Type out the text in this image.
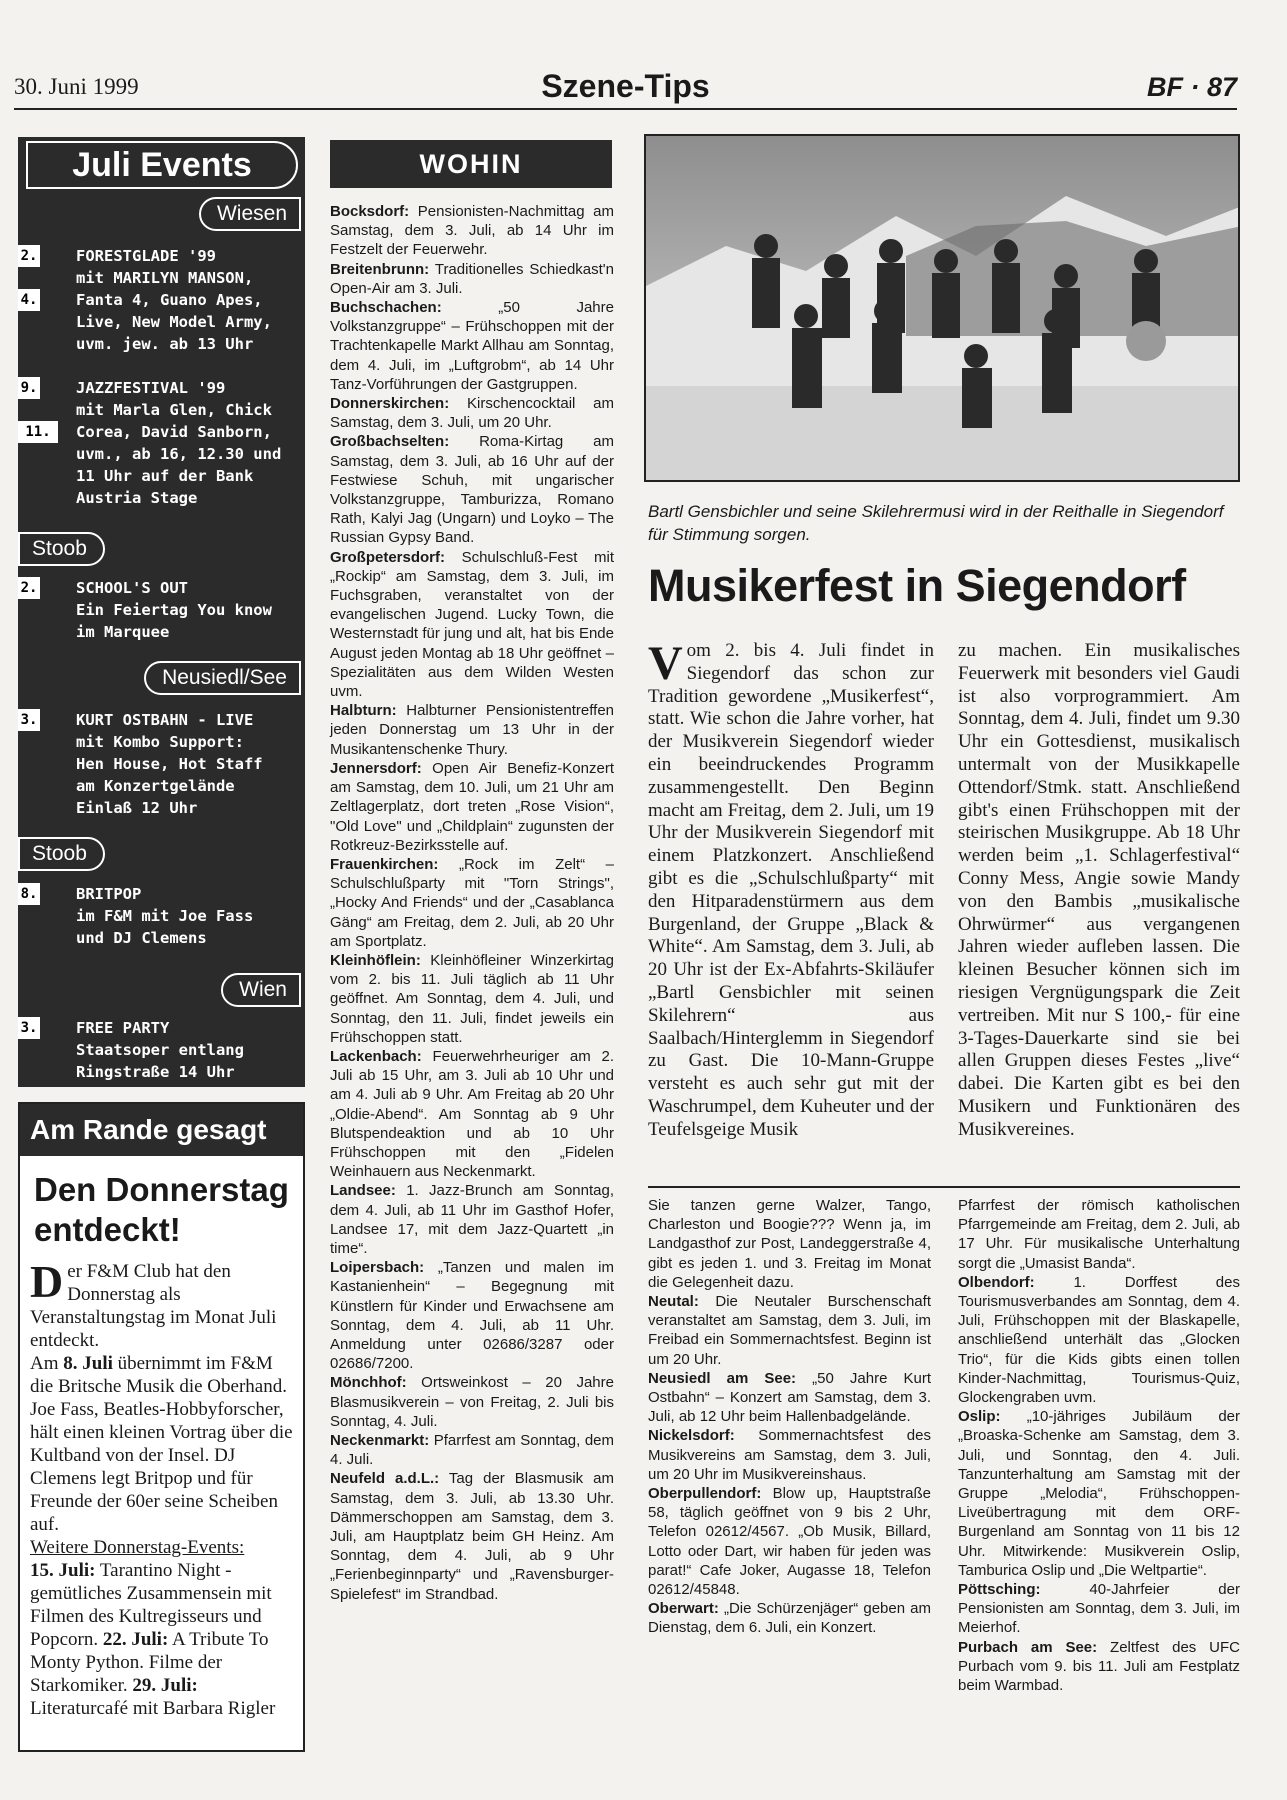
30. Juni 1999	Szene-Tips	BF · 87
Juli Events
Wiesen
2.
4.
FORESTGLADE '99
mit MARILYN MANSON,
Fanta 4, Guano Apes,
Live, New Model Army,
uvm. jew. ab 13 Uhr
9.
11.
JAZZFESTIVAL '99
mit Marla Glen, Chick
Corea, David Sanborn,
uvm., ab 16, 12.30 und
11 Uhr auf der Bank
Austria Stage
Stoob
2. SCHOOL'S OUT
Ein Feiertag You know
im Marquee
Neusiedl/See
3. KURT OSTBAHN - LIVE
mit Kombo Support:
Hen House, Hot Staff
am Konzertgelände
Einlaß 12 Uhr
Stoob
8. BRITPOP
im F&M mit Joe Fass
und DJ Clemens
Wien
3. FREE PARTY
Staatsoper entlang
Ringstraße 14 Uhr
Am Rande gesagt
Den Donnerstag entdeckt!
Der F&M Club hat den Donnerstag als Veranstaltungstag im Monat Juli entdeckt.
Am 8. Juli übernimmt im F&M die Britsche Musik die Oberhand. Joe Fass, Beatles-Hobbyforscher, hält einen kleinen Vortrag über die Kultband von der Insel. DJ Clemens legt Britpop und für Freunde der 60er seine Scheiben auf.
Weitere Donnerstag-Events:
15. Juli: Tarantino Night - gemütliches Zusammensein mit Filmen des Kultregisseurs und Popcorn. 22. Juli: A Tribute To Monty Python. Filme der Starkomiker. 29. Juli: Literaturcafé mit Barbara Rigler
WOHIN
Bocksdorf: Pensionisten-Nachmittag am Samstag, dem 3. Juli, ab 14 Uhr im Festzelt der Feuerwehr.
Breitenbrunn: Traditionelles Schiedkast'n Open-Air am 3. Juli.
Buchschachen: „50 Jahre Volkstanzgruppe“ – Frühschoppen mit der Trachtenkapelle Markt Allhau am Sonntag, dem 4. Juli, im „Luftgrobm“, ab 14 Uhr Tanz-Vorführungen der Gastgruppen.
Donnerskirchen: Kirschencocktail am Samstag, dem 3. Juli, um 20 Uhr.
Großbachselten: Roma-Kirtag am Samstag, dem 3. Juli, ab 16 Uhr auf der Festwiese Schuh, mit ungarischer Volkstanzgruppe, Tamburizza, Romano Rath, Kalyi Jag (Ungarn) und Loyko – The Russian Gypsy Band.
Großpetersdorf: Schulschluß-Fest mit „Rockip“ am Samstag, dem 3. Juli, im Fuchsgraben, veranstaltet von der evangelischen Jugend. Lucky Town, die Westernstadt für jung und alt, hat bis Ende August jeden Montag ab 18 Uhr geöffnet – Spezialitäten aus dem Wilden Westen uvm.
Halbturn: Halbturner Pensionistentreffen jeden Donnerstag um 13 Uhr in der Musikantenschenke Thury.
Jennersdorf: Open Air Benefiz-Konzert am Samstag, dem 10. Juli, um 21 Uhr am Zeltlagerplatz, dort treten „Rose Vision“, "Old Love" und „Childplain“ zugunsten der Rotkreuz-Bezirksstelle auf.
Frauenkirchen: „Rock im Zelt“ – Schulschlußparty mit "Torn Strings", „Hocky And Friends“ und der „Casablanca Gäng“ am Freitag, dem 2. Juli, ab 20 Uhr am Sportplatz.
Kleinhöflein: Kleinhöfleiner Winzerkirtag vom 2. bis 11. Juli täglich ab 11 Uhr geöffnet. Am Sonntag, dem 4. Juli, und Sonntag, den 11. Juli, findet jeweils ein Frühschoppen statt.
Lackenbach: Feuerwehrheuriger am 2. Juli ab 15 Uhr, am 3. Juli ab 10 Uhr und am 4. Juli ab 9 Uhr. Am Freitag ab 20 Uhr „Oldie-Abend“. Am Sonntag ab 9 Uhr Blutspendeaktion und ab 10 Uhr Frühschoppen mit den „Fidelen Weinhauern aus Neckenmarkt.
Landsee: 1. Jazz-Brunch am Sonntag, dem 4. Juli, ab 11 Uhr im Gasthof Hofer, Landsee 17, mit dem Jazz-Quartett „in time“.
Loipersbach: „Tanzen und malen im Kastanienhein“ – Begegnung mit Künstlern für Kinder und Erwachsene am Sonntag, dem 4. Juli, ab 11 Uhr. Anmeldung unter 02686/3287 oder 02686/7200.
Mönchhof: Ortsweinkost – 20 Jahre Blasmusikverein – von Freitag, 2. Juli bis Sonntag, 4. Juli.
Neckenmarkt: Pfarrfest am Sonntag, dem 4. Juli.
Neufeld a.d.L.: Tag der Blasmusik am Samstag, dem 3. Juli, ab 13.30 Uhr. Dämmerschoppen am Samstag, dem 3. Juli, am Hauptplatz beim GH Heinz. Am Sonntag, dem 4. Juli, ab 9 Uhr „Ferienbeginnparty“ und „Ravensburger-Spielefest“ im Strandbad.
Bartl Gensbichler und seine Skilehrermusi wird in der Reithalle in Siegendorf für Stimmung sorgen.
Musikerfest in Siegendorf
Vom 2. bis 4. Juli findet in Siegendorf das schon zur Tradition gewordene „Musikerfest“, statt. Wie schon die Jahre vorher, hat der Musikverein Siegendorf wieder ein beeindruckendes Programm zusammengestellt. Den Beginn macht am Freitag, dem 2. Juli, um 19 Uhr der Musikverein Siegendorf mit einem Platzkonzert. Anschließend gibt es die „Schulschlußparty“ mit den Hitparadenstürmern aus dem Burgenland, der Gruppe „Black & White“. Am Samstag, dem 3. Juli, ab 20 Uhr ist der Ex-Abfahrts-Skiläufer „Bartl Gensbichler mit seinen Skilehrern“ aus Saalbach/Hinterglemm in Siegendorf zu Gast. Die 10-Mann-Gruppe versteht es auch sehr gut mit der Waschrumpel, dem Kuheuter und der Teufelsgeige Musik
zu machen. Ein musikalisches Feuerwerk mit besonders viel Gaudi ist also vorprogrammiert. Am Sonntag, dem 4. Juli, findet um 9.30 Uhr ein Gottesdienst, musikalisch untermalt von der Musikkapelle Ottendorf/Stmk. statt. Anschließend gibt's einen Frühschoppen mit der steirischen Musikgruppe. Ab 18 Uhr werden beim „1. Schlagerfestival“ Conny Mess, Angie sowie Mandy von den Bambis „musikalische Ohrwürmer“ aus vergangenen Jahren wieder aufleben lassen. Die kleinen Besucher können sich im riesigen Vergnügungspark die Zeit vertreiben. Mit nur S 100,- für eine 3-Tages-Dauerkarte sind sie bei allen Gruppen dieses Festes „live“ dabei. Die Karten gibt es bei den Musikern und Funktionären des Musikvereines.
Sie tanzen gerne Walzer, Tango, Charleston und Boogie??? Wenn ja, im Landgasthof zur Post, Landeggerstraße 4, gibt es jeden 1. und 3. Freitag im Monat die Gelegenheit dazu.
Neutal: Die Neutaler Burschenschaft veranstaltet am Samstag, dem 3. Juli, im Freibad ein Sommernachtsfest. Beginn ist um 20 Uhr.
Neusiedl am See: „50 Jahre Kurt Ostbahn“ – Konzert am Samstag, dem 3. Juli, ab 12 Uhr beim Hallenbadgelände.
Nickelsdorf: Sommernachtsfest des Musikvereins am Samstag, dem 3. Juli, um 20 Uhr im Musikvereinshaus.
Oberpullendorf: Blow up, Hauptstraße 58, täglich geöffnet von 9 bis 2 Uhr, Telefon 02612/4567. „Ob Musik, Billard, Lotto oder Dart, wir haben für jeden was parat!“ Cafe Joker, Augasse 18, Telefon 02612/45848.
Oberwart: „Die Schürzenjäger“ geben am Dienstag, dem 6. Juli, ein Konzert.
Pfarrfest der römisch katholischen Pfarrgemeinde am Freitag, dem 2. Juli, ab 17 Uhr. Für musikalische Unterhaltung sorgt die „Umasist Banda“.
Olbendorf: 1. Dorffest des Tourismusverbandes am Sonntag, dem 4. Juli, Frühschoppen mit der Blaskapelle, anschließend unterhält das „Glocken Trio“, für die Kids gibts einen tollen Kinder-Nachmittag, Tourismus-Quiz, Glockengraben uvm.
Oslip: „10-jähriges Jubiläum der „Broaska-Schenke am Samstag, dem 3. Juli, und Sonntag, den 4. Juli. Tanzunterhaltung am Samstag mit der Gruppe „Melodia“, Frühschoppen-Liveübertragung mit dem ORF-Burgenland am Sonntag von 11 bis 12 Uhr. Mitwirkende: Musikverein Oslip, Tamburica Oslip und „Die Weltpartie“.
Pöttsching: 40-Jahrfeier der Pensionisten am Sonntag, dem 3. Juli, im Meierhof.
Purbach am See: Zeltfest des UFC Purbach vom 9. bis 11. Juli am Festplatz beim Warmbad.
